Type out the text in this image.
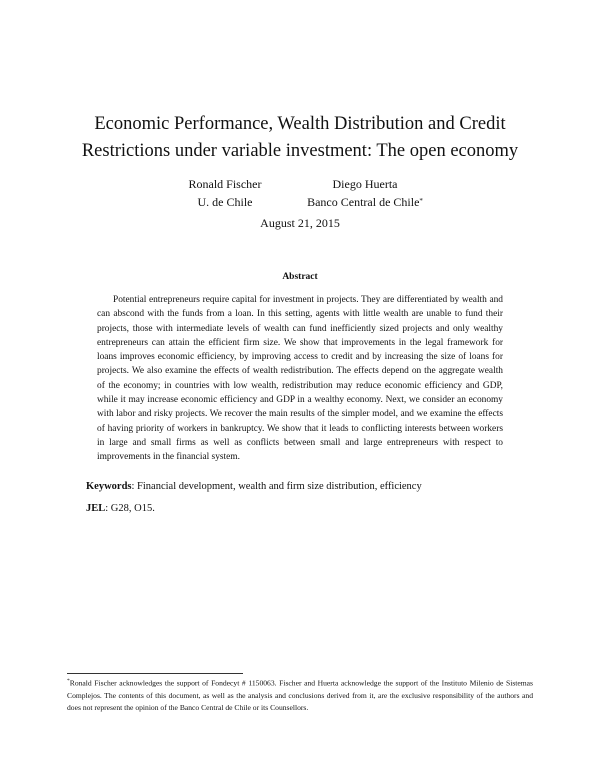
Economic Performance, Wealth Distribution and Credit
Restrictions under variable investment: The open economy
Ronald Fischer
U. de Chile
Diego Huerta
Banco Central de Chile*
August 21, 2015
Abstract

Potential entrepreneurs require capital for investment in projects. They are differentiated by wealth and can abscond with the funds from a loan. In this setting, agents with little wealth are unable to fund their projects, those with intermediate levels of wealth can fund inefficiently sized projects and only wealthy entrepreneurs can attain the efficient firm size. We show that improvements in the legal framework for loans improves economic efficiency, by improving access to credit and by increasing the size of loans for projects. We also examine the effects of wealth redistribution. The effects depend on the aggregate wealth of the economy; in countries with low wealth, redistribution may reduce economic efficiency and GDP, while it may increase economic efficiency and GDP in a wealthy economy. Next, we consider an economy with labor and risky projects. We recover the main results of the simpler model, and we examine the effects of having priority of workers in bankruptcy. We show that it leads to conflicting interests between workers in large and small firms as well as conflicts between small and large entrepreneurs with respect to improvements in the financial system.

Keywords: Financial development, wealth and firm size distribution, efficiency
JEL: G28, O15.

*Ronald Fischer acknowledges the support of Fondecyt # 1150063. Fischer and Huerta acknowledge the support of the Instituto Milenio de Sistemas Complejos. The contents of this document, as well as the analysis and conclusions derived from it, are the exclusive responsibility of the authors and does not represent the opinion of the Banco Central de Chile or its Counsellors.
